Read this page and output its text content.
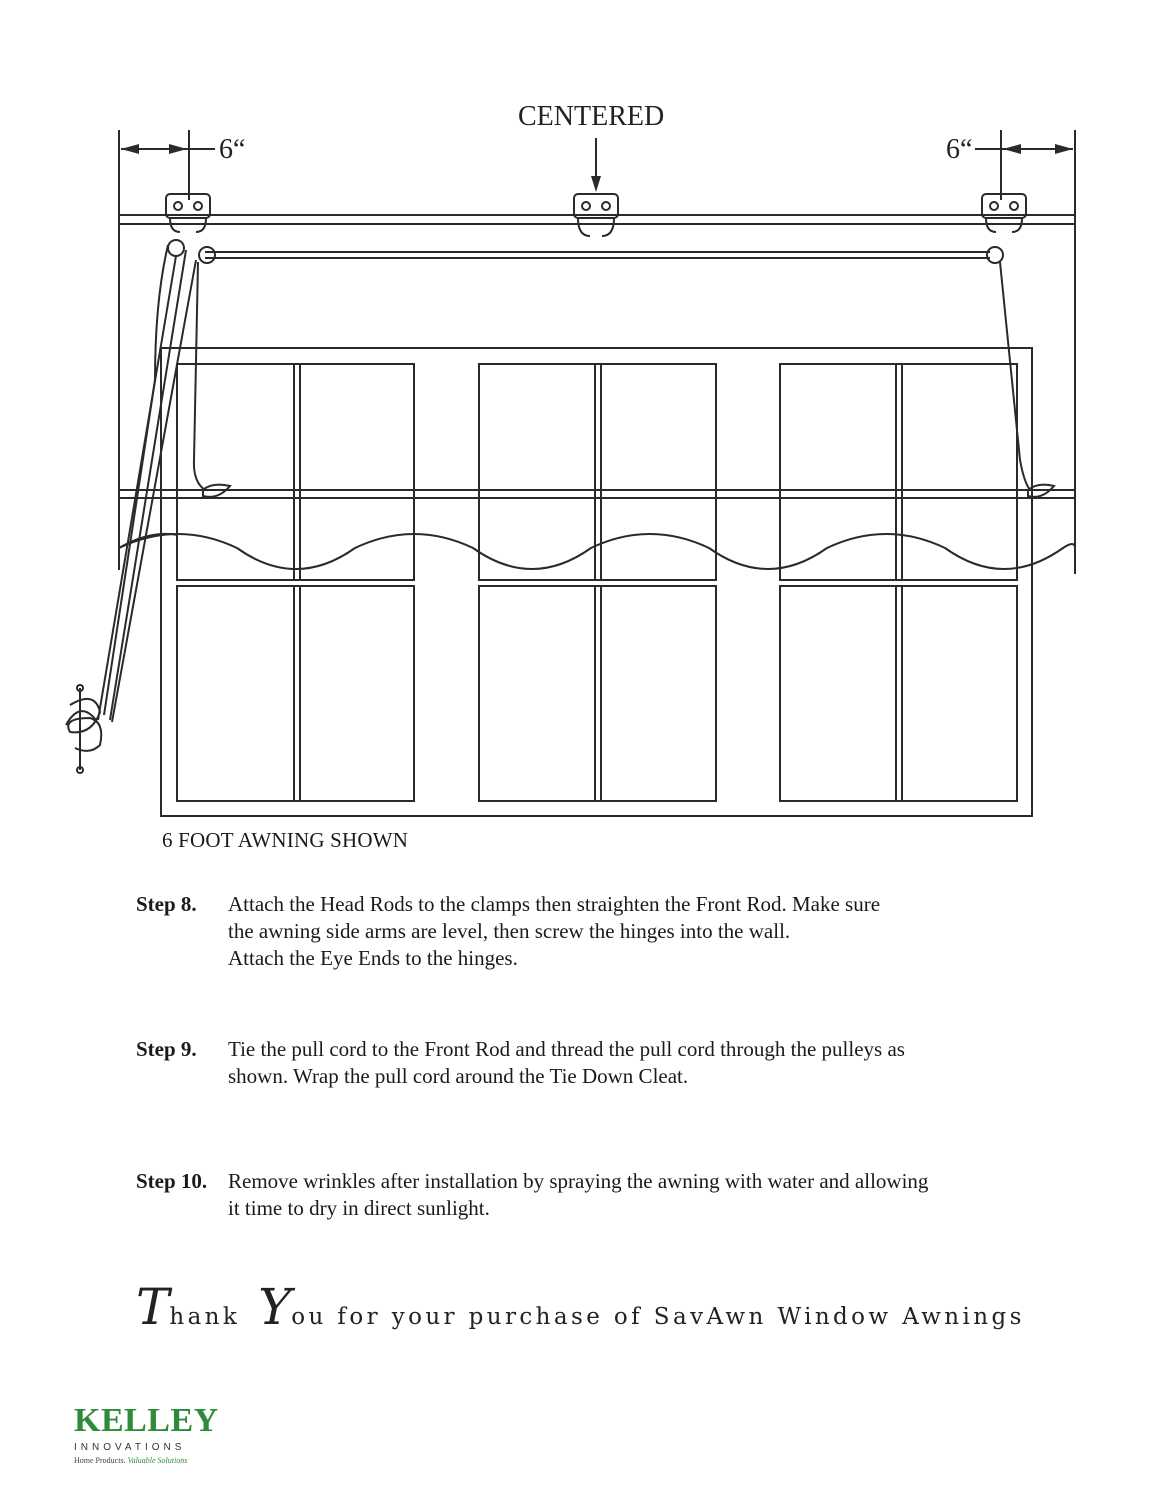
CENTERED
6“	6“
6 FOOT AWNING SHOWN
Step 8.	Attach the Head Rods to the clamps then straighten the Front Rod. Make sure
the awning side arms are level, then screw the hinges into the wall.
Attach the Eye Ends to the hinges.
Step 9.	Tie the pull cord to the Front Rod and thread the pull cord through the pulleys as
shown. Wrap the pull cord around the Tie Down Cleat.
Step 10. Remove wrinkles after installation by spraying the awning with water and allowing
it time to dry in direct sunlight.
T hank Y ou for your purchase of SavAwn Window Awnings
KELLEY
INNOVATIONS
Home Products. Valuable Solutions
